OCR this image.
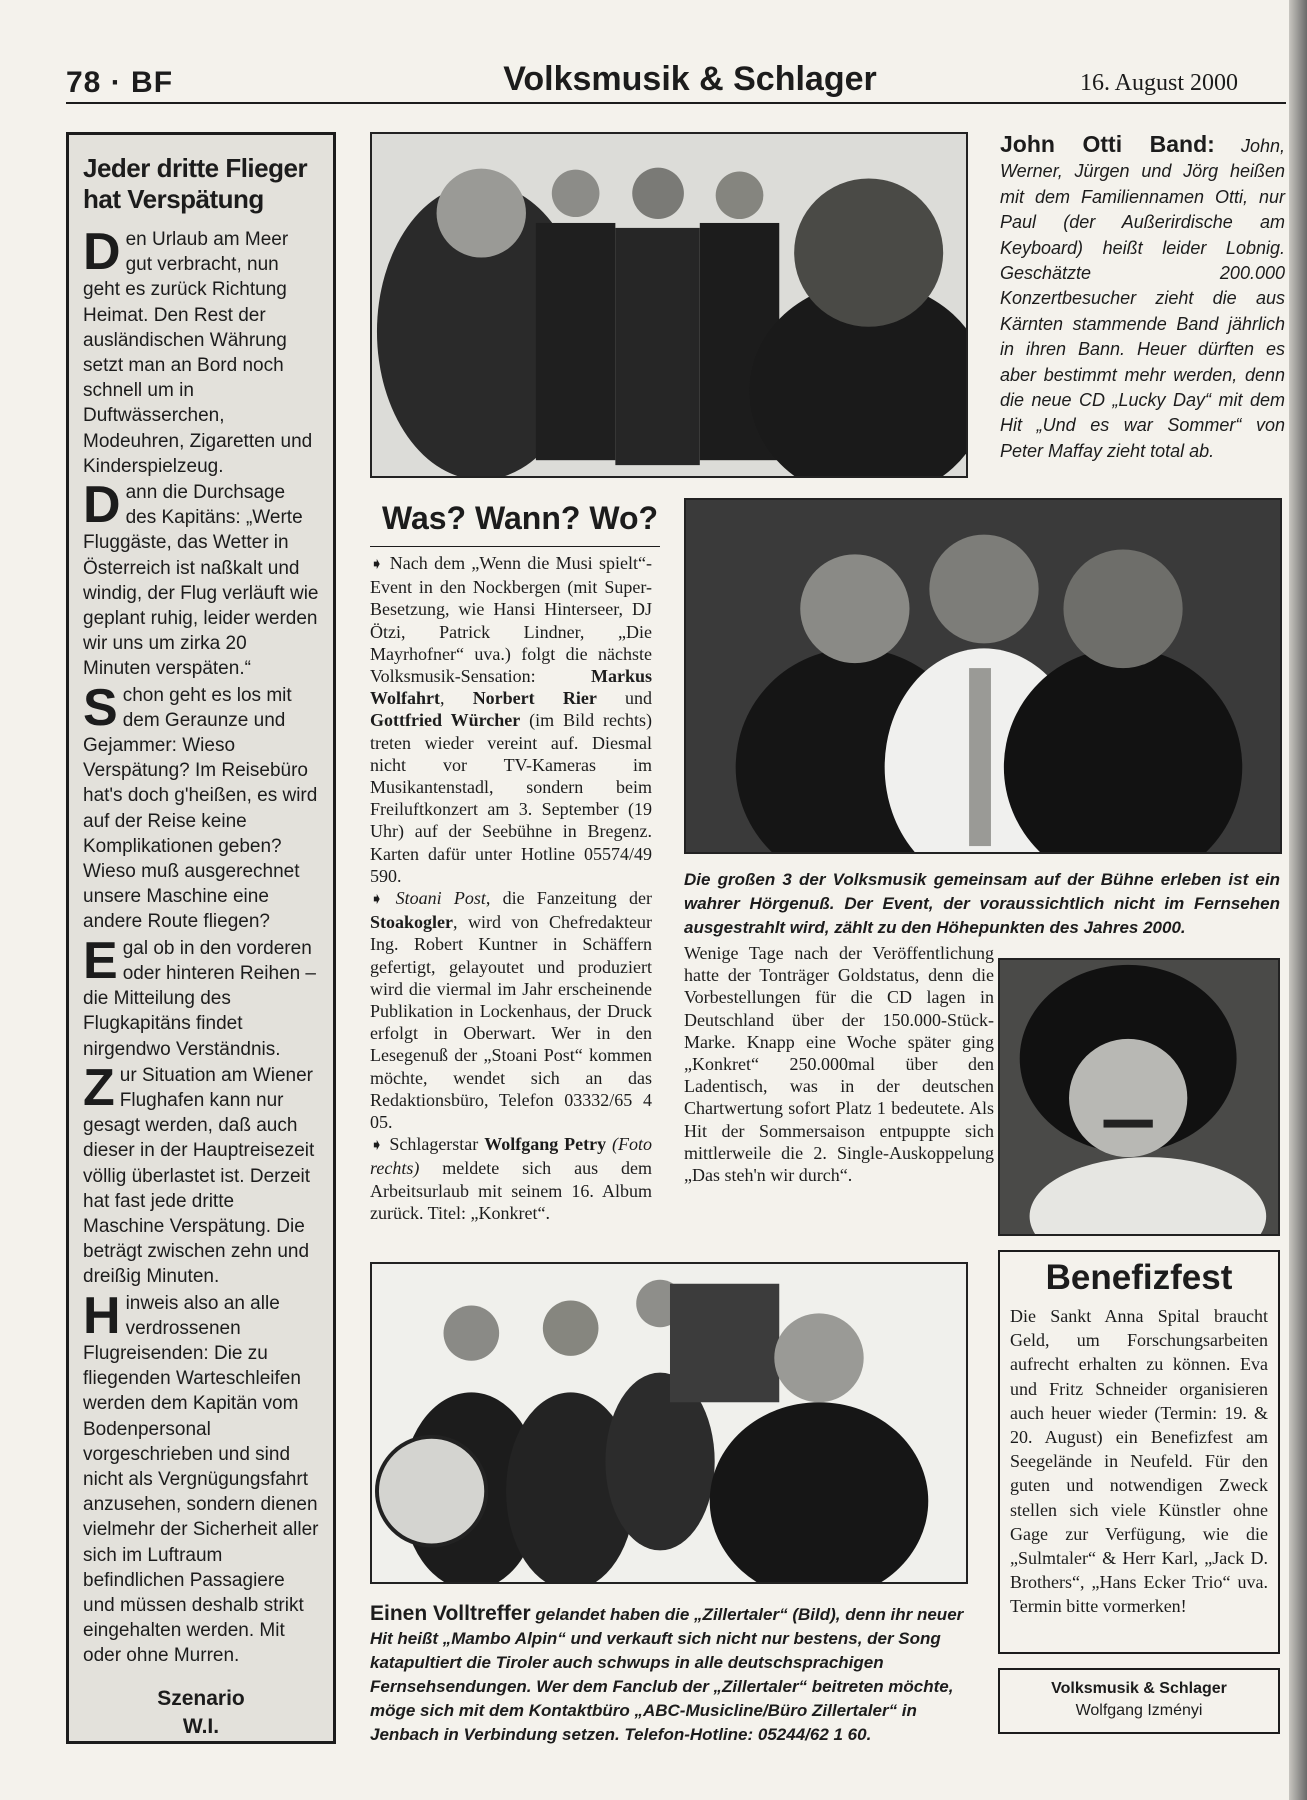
78 · BF	Volksmusik & Schlager	16. August 2000
Jeder dritte Flieger hat Verspätung
Den Urlaub am Meer gut verbracht, nun geht es zurück Richtung Heimat. Den Rest der ausländischen Währung setzt man an Bord noch schnell um in Duftwässerchen, Modeuhren, Zigaretten und Kinderspielzeug.
Dann die Durchsage des Kapitäns: „Werte Fluggäste, das Wetter in Österreich ist naßkalt und windig, der Flug verläuft wie geplant ruhig, leider werden wir uns um zirka 20 Minuten verspäten.“
Schon geht es los mit dem Geraunze und Gejammer: Wieso Verspätung? Im Reisebüro hat's doch g'heißen, es wird auf der Reise keine Komplikationen geben? Wieso muß ausgerechnet unsere Maschine eine andere Route fliegen?
Egal ob in den vorderen oder hinteren Reihen – die Mitteilung des Flugkapitäns findet nirgendwo Verständnis.
Zur Situation am Wiener Flughafen kann nur gesagt werden, daß auch dieser in der Hauptreisezeit völlig überlastet ist. Derzeit hat fast jede dritte Maschine Verspätung. Die beträgt zwischen zehn und dreißig Minuten.
Hinweis also an alle verdrossenen Flugreisenden: Die zu fliegenden Warteschleifen werden dem Kapitän vom Bodenpersonal vorgeschrieben und sind nicht als Vergnügungsfahrt anzusehen, sondern dienen vielmehr der Sicherheit aller sich im Luftraum befindlichen Passagiere und müssen deshalb strikt eingehalten werden. Mit oder ohne Murren.
Szenario
W.I.
John Otti Band: John, Werner, Jürgen und Jörg heißen mit dem Familiennamen Otti, nur Paul (der Außerirdische am Keyboard) heißt leider Lobnig. Geschätzte 200.000 Konzertbesucher zieht die aus Kärnten stammende Band jährlich in ihren Bann. Heuer dürften es aber bestimmt mehr werden, denn die neue CD „Lucky Day“ mit dem Hit „Und es war Sommer“ von Peter Maffay zieht total ab.
Was? Wann? Wo?

➧ Nach dem „Wenn die Musi spielt“-Event in den Nockbergen (mit Super-Besetzung, wie Hansi Hinterseer, DJ Ötzi, Patrick Lindner, „Die Mayrhofner“ uva.) folgt die nächste Volksmusik-Sensation: Markus Wolfahrt, Norbert Rier und Gottfried Würcher (im Bild rechts) treten wieder vereint auf. Diesmal nicht vor TV-Kameras im Musikantenstadl, sondern beim Freiluftkonzert am 3. September (19 Uhr) auf der Seebühne in Bregenz. Karten dafür unter Hotline 05574/49 590.

➧ Stoani Post, die Fanzeitung der Stoakogler, wird von Chefredakteur Ing. Robert Kuntner in Schäffern gefertigt, gelayoutet und produziert wird die viermal im Jahr erscheinende Publikation in Lockenhaus, der Druck erfolgt in Oberwart. Wer in den Lesegenuß der „Stoani Post“ kommen möchte, wendet sich an das Redaktionsbüro, Telefon 03332/65 4 05.

➧ Schlagerstar Wolfgang Petry (Foto rechts) meldete sich aus dem Arbeitsurlaub mit seinem 16. Album zurück. Titel: „Konkret“.

Die großen 3 der Volksmusik gemeinsam auf der Bühne erleben ist ein wahrer Hörgenuß. Der Event, der voraussichtlich nicht im Fernsehen ausgestrahlt wird, zählt zu den Höhepunkten des Jahres 2000.
Wenige Tage nach der Veröffentlichung hatte der Tonträger Goldstatus, denn die Vorbestellungen für die CD lagen in Deutschland über der 150.000-Stück-Marke. Knapp eine Woche später ging „Konkret“ 250.000mal über den Ladentisch, was in der deutschen Chartwertung sofort Platz 1 bedeutete. Als Hit der Sommersaison entpuppte sich mittlerweile die 2. Single-Auskoppelung „Das steh'n wir durch“.
Einen Volltreffer gelandet haben die „Zillertaler“ (Bild), denn ihr neuer Hit heißt „Mambo Alpin“ und verkauft sich nicht nur bestens, der Song katapultiert die Tiroler auch schwups in alle deutschsprachigen Fernsehsendungen. Wer dem Fanclub der „Zillertaler“ beitreten möchte, möge sich mit dem Kontaktbüro „ABC-Musicline/Büro Zillertaler“ in Jenbach in Verbindung setzen. Telefon-Hotline: 05244/62 1 60.
Benefizfest
Die Sankt Anna Spital braucht Geld, um Forschungsarbeiten aufrecht erhalten zu können. Eva und Fritz Schneider organisieren auch heuer wieder (Termin: 19. & 20. August) ein Benefizfest am Seegelände in Neufeld. Für den guten und notwendigen Zweck stellen sich viele Künstler ohne Gage zur Verfügung, wie die „Sulmtaler“ & Herr Karl, „Jack D. Brothers“, „Hans Ecker Trio“ uva. Termin bitte vormerken!
Volksmusik & Schlager
Wolfgang Izményi
